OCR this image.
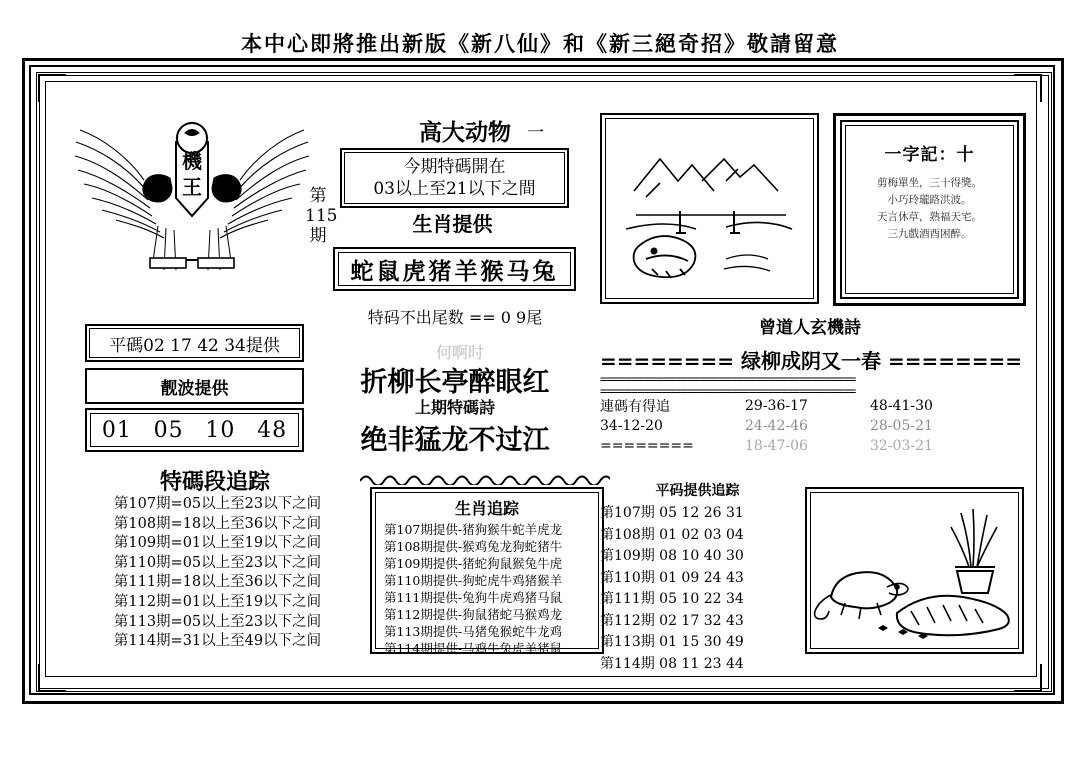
本中心即將推出新版《新八仙》和《新三絕奇招》敬請留意
機
王	第
115
期
平碼02 17 42 34提供
靓波提供
01 05 10 48
特碼段追踪
第107期=05以上至23以下之间
第108期=18以上至36以下之间
第109期=01以上至19以下之间
第110期=05以上至23以下之间
第111期=18以上至36以下之间
第112期=01以上至19以下之间
第113期=05以上至23以下之间
第114期=31以上至49以下之间
高大动物 一
今期特碼開在
03以上至21以下之間
生肖提供
蛇鼠虎猪羊猴马兔
特码不出尾数 == 0 9尾
何啊时
折柳长亭醉眼红
上期特碼詩
绝非猛龙不过江
生肖追踪
第107期提供-猪狗猴牛蛇羊虎龙
第108期提供-猴鸡兔龙狗蛇猪牛
第109期提供-猪蛇狗鼠猴兔牛虎
第110期提供-狗蛇虎牛鸡猪猴羊
第111期提供-兔狗牛虎鸡猪马鼠
第112期提供-狗鼠猪蛇马猴鸡龙
第113期提供-马猪兔猴蛇牛龙鸡
第114期提供-马鸡牛兔虎羊猪鼠
一字記：十
剪梅單坐，三十得獎。
小巧玲瓏路洪波。
天言休草，熟福天宅。
三九戲酒酉困醉。
曾道人玄機詩
======== 绿柳成阴又一春 ========
=========================================
=========================================
連碼有得追	29-36-17	48-41-30
34-12-20	24-42-46	28-05-21
========	18-47-06	32-03-21
平码提供追踪
第107期 05 12 26 31
第108期 01 02 03 04
第109期 08 10 40 30
第110期 01 09 24 43
第111期 05 10 22 34
第112期 02 17 32 43
第113期 01 15 30 49
第114期 08 11 23 44
